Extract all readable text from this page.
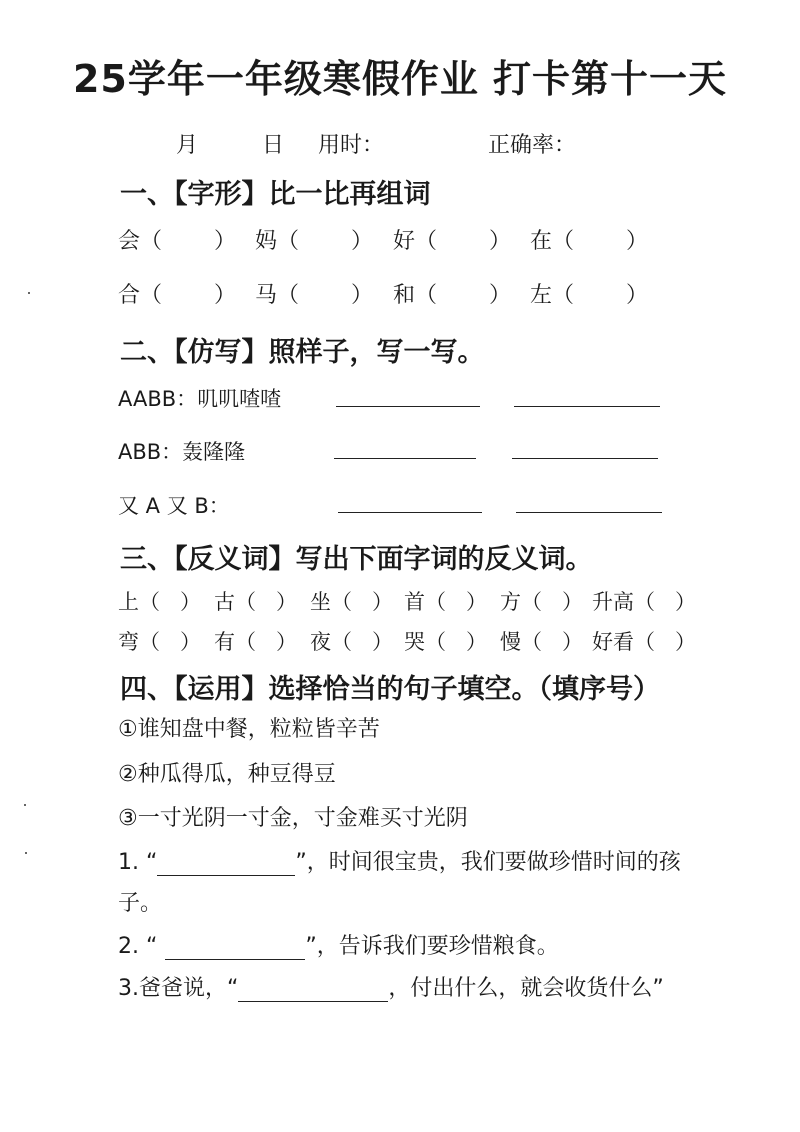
25学年一年级寒假作业 打卡第十一天
月	日 用时：	正确率：
一、【字形】比一比再组词
会（ ） 妈（ ） 好（ ） 在（ ）
合（ ） 马（ ） 和（ ） 左（ ）
二、【仿写】照样子，写一写。
AABB：叽叽喳喳
ABB：轰隆隆
又 A 又 B：
三、【反义词】写出下面字词的反义词。
上（ ） 古（ ） 坐（ ） 首（ ） 方（ ） 升高（ ）
弯（ ） 有（ ） 夜（ ） 哭（ ） 慢（ ） 好看（ ）
四、【运用】选择恰当的句子填空。（填序号）
①谁知盘中餐，粒粒皆辛苦
②种瓜得瓜，种豆得豆
③一寸光阴一寸金，寸金难买寸光阴
1. “	”，时间很宝贵，我们要做珍惜时间的孩
子。
2. “	”，告诉我们要珍惜粮食。
3.爸爸说，“	，付出什么，就会收货什么”
